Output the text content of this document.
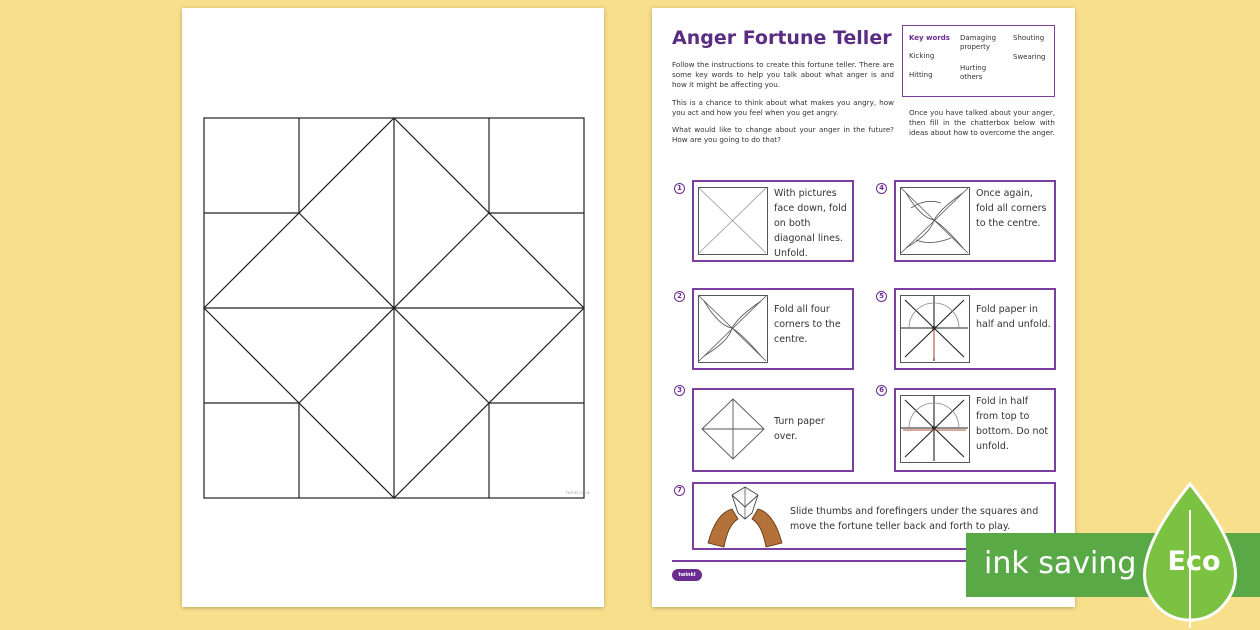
twinkl.co.uk
Anger Fortune Teller Key words
Kicking
Hitting
Damaging property
Hurting others
Shouting
Swearing

Follow the instructions to create this fortune teller. There are some key words to help you talk about what anger is and how it might be affecting you.

This is a chance to think about what makes you angry, how you act and how you feel when you get angry.

What would like to change about your anger in the future? How are you going to do that?

Once you have talked about your anger, then fill in the chatterbox below with ideas about how to overcome the anger.

With pictures face down, fold on both diagonal lines. Unfold.
1
Fold all four corners to the centre.
2
Turn paper over.
3
Once again, fold all corners to the centre.
4
Fold paper in half and unfold.
5
Fold in half from top to bottom. Do not unfold.
6
Slide thumbs and forefingers under the squares and move the fortune teller back and forth to play.
7
twinkl	ink saving Eco
